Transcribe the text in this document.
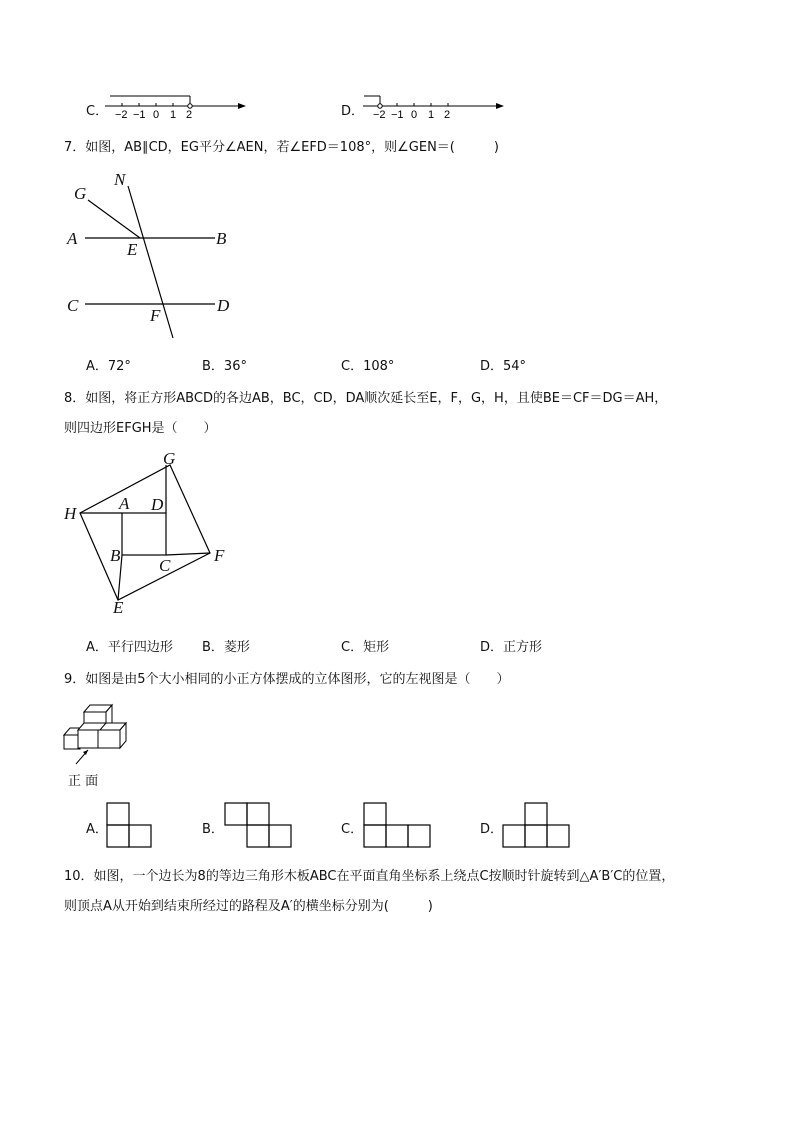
C． −2 −1 0 1 2	D． −2 −1 0 1 2
7．如图，AB∥CD，EG平分∠AEN，若∠EFD＝108°，则∠GEN＝(　　　)
G
N
A	B
E
C	D
F
A．72°	B．36°	C．108°	D．54°
8．如图，将正方形ABCD的各边AB，BC，CD，DA顺次延长至E，F，G，H，且使BE＝CF＝DG＝AH，
则四边形EFGH是（　　）
G
H
A D
B
C
F
E
A．平行四边形 B．菱形	C．矩形	D．正方形
9．如图是由5个大小相同的小正方体摆成的立体图形，它的左视图是（　　）
正 面
A．	B．	C．	D．
10．如图，一个边长为8的等边三角形木板ABC在平面直角坐标系上绕点C按顺时针旋转到△A′B′C的位置，
则顶点A从开始到结束所经过的路程及A′的横坐标分别为(　　　)
